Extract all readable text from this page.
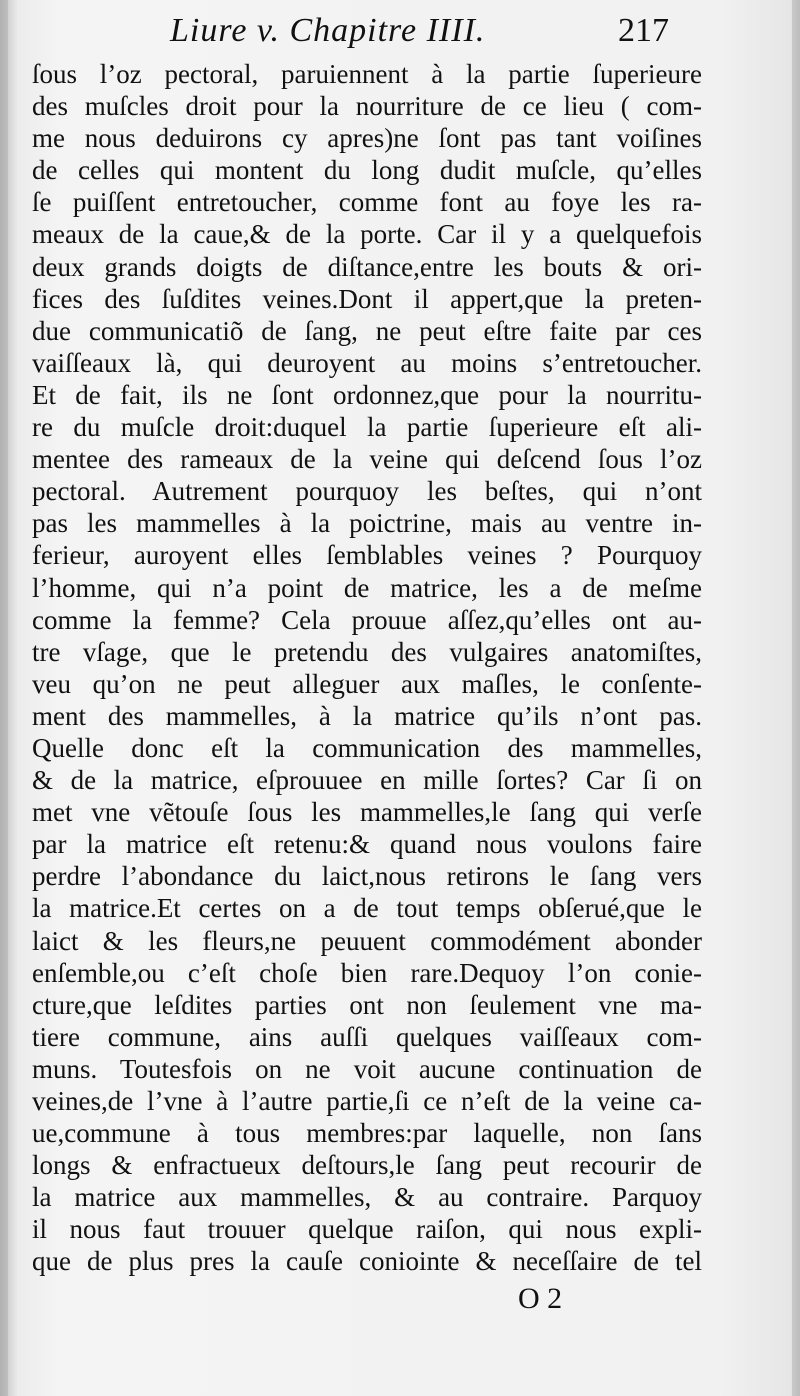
Liure v. Chapitre IIII.	217
ſous l’oz pectoral, paruiennent à la partie ſuperieure
des muſcles droit pour la nourriture de ce lieu ( com-
me nous deduirons cy apres)ne ſont pas tant voiſines
de celles qui montent du long dudit muſcle, qu’elles
ſe puiſſent entretoucher, comme font au foye les ra-
meaux de la caue,& de la porte. Car il y a quelquefois
deux grands doigts de diſtance,entre les bouts & ori-
fices des ſuſdites veines.Dont il appert,que la preten-
due communicatiõ de ſang, ne peut eſtre faite par ces
vaiſſeaux là, qui deuroyent au moins s’entretoucher.
Et de fait, ils ne ſont ordonnez,que pour la nourritu-
re du muſcle droit:duquel la partie ſuperieure eſt ali-
mentee des rameaux de la veine qui deſcend ſous l’oz
pectoral. Autrement pourquoy les beſtes, qui n’ont
pas les mammelles à la poictrine, mais au ventre in-
ferieur, auroyent elles ſemblables veines ? Pourquoy
l’homme, qui n’a point de matrice, les a de meſme
comme la femme? Cela prouue aſſez,qu’elles ont au-
tre vſage, que le pretendu des vulgaires anatomiſtes,
veu qu’on ne peut alleguer aux maſles, le conſente-
ment des mammelles, à la matrice qu’ils n’ont pas.
Quelle donc eſt la communication des mammelles,
& de la matrice, eſprouuee en mille ſortes? Car ſi on
met vne vẽtouſe ſous les mammelles,le ſang qui verſe
par la matrice eſt retenu:& quand nous voulons faire
perdre l’abondance du laict,nous retirons le ſang vers
la matrice.Et certes on a de tout temps obſerué,que le
laict & les fleurs,ne peuuent commodément abonder
enſemble,ou c’eſt choſe bien rare.Dequoy l’on conie-
cture,que leſdites parties ont non ſeulement vne ma-
tiere commune, ains auſſi quelques vaiſſeaux com-
muns. Toutesfois on ne voit aucune continuation de
veines,de l’vne à l’autre partie,ſi ce n’eſt de la veine ca-
ue,commune à tous membres:par laquelle, non ſans
longs & enfractueux deſtours,le ſang peut recourir de
la matrice aux mammelles, & au contraire. Parquoy
il nous faut trouuer quelque raiſon, qui nous expli-
que de plus pres la cauſe coniointe & neceſſaire de tel
O 2
